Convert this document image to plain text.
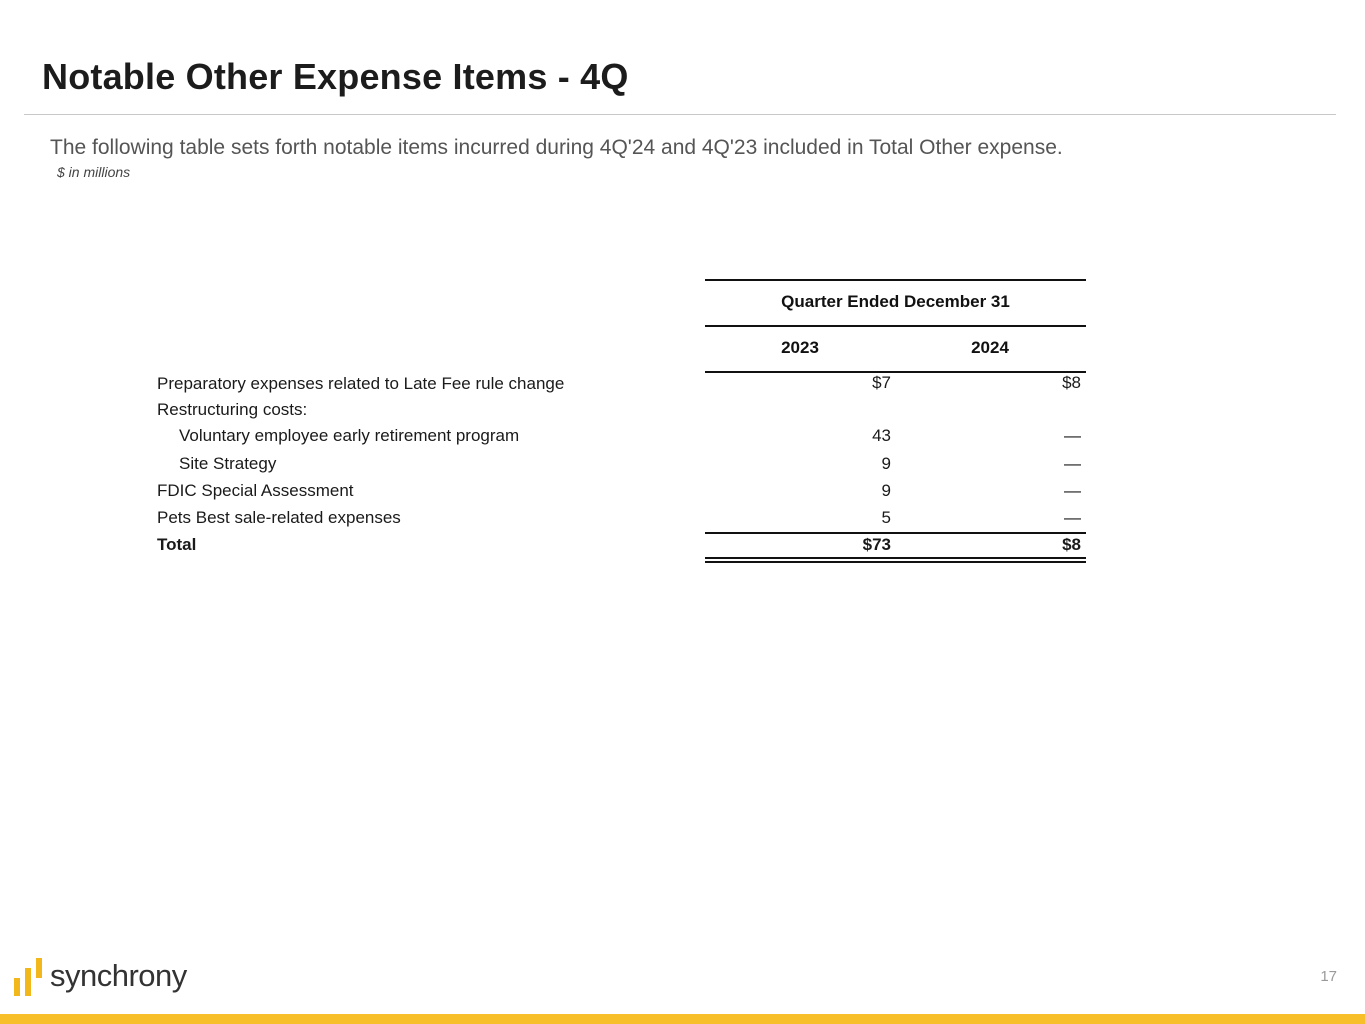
Notable Other Expense Items - 4Q
The following table sets forth notable items incurred during 4Q'24 and 4Q'23 included in Total Other expense.
$ in millions
Quarter Ended December 31
2023	2024
Preparatory expenses related to Late Fee rule change	$7	$8
Restructuring costs:
Voluntary employee early retirement program	43	—
Site Strategy	9	—
FDIC Special Assessment	9	—
Pets Best sale-related expenses	5	—
Total	$73	$8
synchrony	17
